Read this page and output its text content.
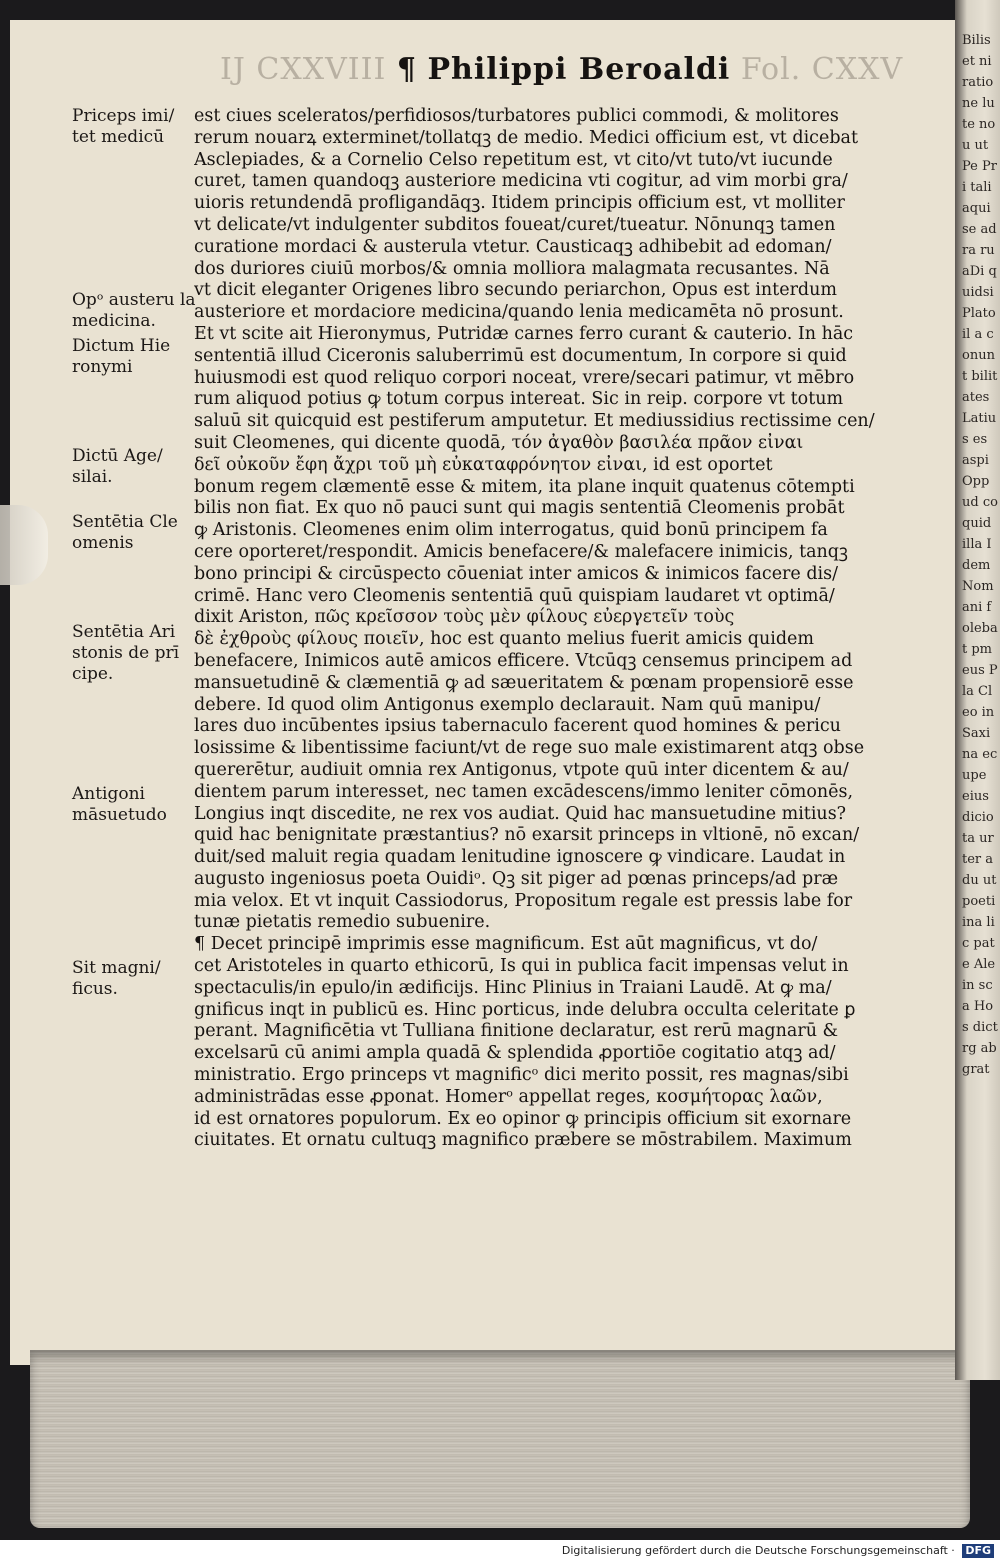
Bilis et ni ratione lute nou ut Pe Pri taliaqui se ad ra ruaDi quidsi Plato il a conunt bilitates Latius es aspi Opp ud co quid illa Idem Nomani folebat pmeus Pla Cleo in Saxina ecupe eius dicio ta ur ter adu ut poeti ina lic pate Ale in sca Hos dict rg ab grat
IJ CXXVIII ¶ Philippi Beroaldi Fol. CXXV
Priceps imi/ tet medicū
Opᵒ austeru la medicina.
Dictum Hie ronymi
Dictū Age/ silai.
Sentētia Cle omenis
Sentētia Ari stonis de prī cipe.
Antigoni māsuetudo
Sit magni/ ficus.
est ciues sceleratos/perfidiosos/turbatores publici commodi, & molitores
rerum nouarꝝ exterminet/tollatqꝫ de medio. Medici officium est, vt dicebat
Asclepiades, & a Cornelio Celso repetitum est, vt cito/vt tuto/vt iucunde
curet, tamen quandoqꝫ austeriore medicina vti cogitur, ad vim morbi gra/
uioris retundendā profligandāqꝫ. Itidem principis officium est, vt molliter
vt delicate/vt indulgenter subditos foueat/curet/tueatur. Nōnunqꝫ tamen
curatione mordaci & austerula vtetur. Causticaqꝫ adhibebit ad edoman/
dos duriores ciuiū morbos/& omnia molliora malagmata recusantes. Nā
vt dicit eleganter Origenes libro secundo periarchon, Opus est interdum
austeriore et mordaciore medicina/quando lenia medicamēta nō prosunt.
Et vt scite ait Hieronymus, Putridæ carnes ferro curanṫ & cauterio. In hāc
sententiā illud Ciceronis saluberrimū est documentum, In corpore si quid
huiusmodi est quod reliquo corpori noceat, vrere/secari patimur, vt mēbro
rum aliquod potius ꝙ totum corpus intereat. Sic in reip. corpore vt totum
saluū sit quicquid est pestiferum amputetur. Et mediussidius rectissime cen/
suit Cleomenes, qui dicente quodā, τόν ἀγαθὸν βασιλέα πρᾶον εἶναι
δεῖ οὐκοῦν ἔφη ἄχρι τοῦ μὴ εὐκαταφρόνητον εἶναι, id est oportet
bonum regem clæmentē esse & mitem, ita plane inquit quatenus cōtempti
bilis non fiat. Ex quo nō pauci sunt qui magis sententiā Cleomenis probāt
ꝙ Aristonis. Cleomenes enim olim interrogatus, quid bonū principem fa
cere oporteret/respondit. Amicis benefacere/& malefacere inimicis, tanqꝫ
bono principi & circūspecto cōueniat inter amicos & inimicos facere dis/
crimē. Hanc vero Cleomenis sententiā quū quispiam laudaret vt optimā/
dixit Ariston, πῶς κρεῖσσον τοὺς μὲν φίλους εὐεργετεῖν τοὺς
δὲ ἐχθροὺς φίλους ποιεῖν, hoc est quanto melius fuerit amicis quidem
benefacere, Inimicos autē amicos efficere. Vtcūqꝫ censemus principem ad
mansuetudinē & clæmentiā ꝙ ad sæueritatem & pœnam propensiorē esse
debere. Id quod olim Antigonus exemplo declarauit. Nam quū manipu/
lares duo incūbentes ipsius tabernaculo facerent quod homines & pericu
losissime & libentissime faciunt/vt de rege suo male existimarent atqꝫ obse
quererētur, audiuit omnia rex Antigonus, vtpote quū inter dicentem & au/
dientem parum interesset, nec tamen excādescens/immo leniter cōmonēs,
Longius inqt discedite, ne rex vos audiat. Quid hac mansuetudine mitius?
quid hac benignitate præstantius? nō exarsit princeps in vltionē, nō excan/
duit/sed maluit regia quadam lenitudine ignoscere ꝙ vindicare. Laudat in
augusto ingeniosus poeta Ouidiᵒ. Qꝫ sit piger ad pœnas princeps/ad præ
mia velox. Et vt inquit Cassiodorus, Propositum regale est pressis labe for
tunæ pietatis remedio subuenire.
¶ Decet principē imprimis esse magnificum. Est aūt magnificus, vt do/
cet Aristoteles in quarto ethicorū, Is qui in publica facit impensas velut in
spectaculis/in epulo/in ædificijs. Hinc Plinius in Traiani Laudē. At ꝙ ma/
gnificus inqt in publicū es. Hinc porticus, inde delubra occulta celeritate ꝑ
peranṫ. Magnificētia vt Tulliana finitione declaratur, est rerū magnarū &
excelsarū cū animi ampla quadā & splendida ꝓportiōe cogitatio atqꝫ ad/
ministratio. Ergo princeps vt magnificᵒ dici merito possit, res magnas/sibi
administrādas esse ꝓponat. Homerᵒ appellat reges, κοσμήτορας λαῶν,
id est ornatores populorum. Ex eo opinor ꝙ principis officium sit exornare
ciuitates. Et ornatu cultuqꝫ magnifico præbere se mōstrabilem. Maximum
Digitalisierung gefördert durch die Deutsche Forschungsgemeinschaft · DFG
